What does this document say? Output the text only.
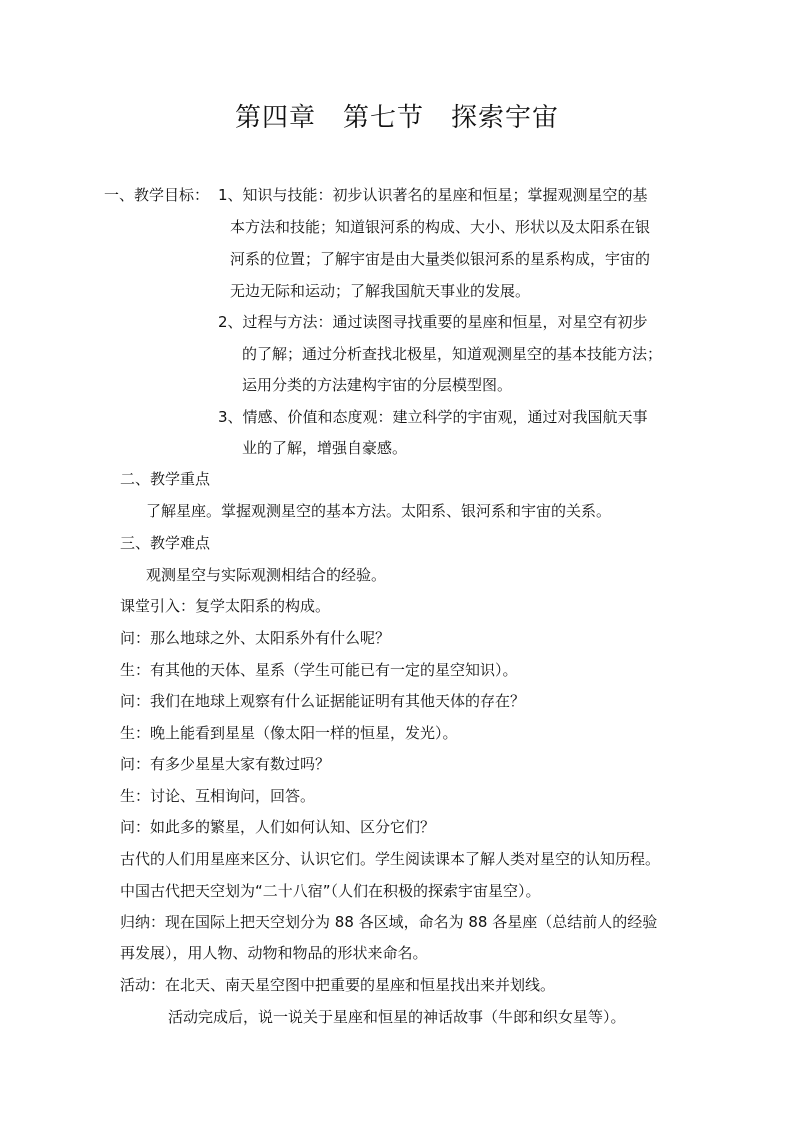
第四章　第七节　探索宇宙

一、教学目标： 1、知识与技能：初步认识著名的星座和恒星；掌握观测星空的基

本方法和技能；知道银河系的构成、大小、形状以及太阳系在银

河系的位置；了解宇宙是由大量类似银河系的星系构成，宇宙的

无边无际和运动；了解我国航天事业的发展。

2、过程与方法：通过读图寻找重要的星座和恒星，对星空有初步

的了解；通过分析查找北极星，知道观测星空的基本技能方法；

运用分类的方法建构宇宙的分层模型图。

3、情感、价值和态度观：建立科学的宇宙观，通过对我国航天事

业的了解，增强自豪感。

二、教学重点

了解星座。掌握观测星空的基本方法。太阳系、银河系和宇宙的关系。

三、教学难点

观测星空与实际观测相结合的经验。

课堂引入：复学太阳系的构成。

问：那么地球之外、太阳系外有什么呢？

生：有其他的天体、星系（学生可能已有一定的星空知识）。

问：我们在地球上观察有什么证据能证明有其他天体的存在？

生：晚上能看到星星（像太阳一样的恒星，发光）。

问：有多少星星大家有数过吗？

生：讨论、互相询问，回答。

问：如此多的繁星，人们如何认知、区分它们？

古代的人们用星座来区分、认识它们。学生阅读课本了解人类对星空的认知历程。

中国古代把天空划为“二十八宿”（人们在积极的探索宇宙星空）。

归纳：现在国际上把天空划分为 88 各区域，命名为 88 各星座（总结前人的经验

再发展），用人物、动物和物品的形状来命名。

活动：在北天、南天星空图中把重要的星座和恒星找出来并划线。

活动完成后，说一说关于星座和恒星的神话故事（牛郎和织女星等）。
